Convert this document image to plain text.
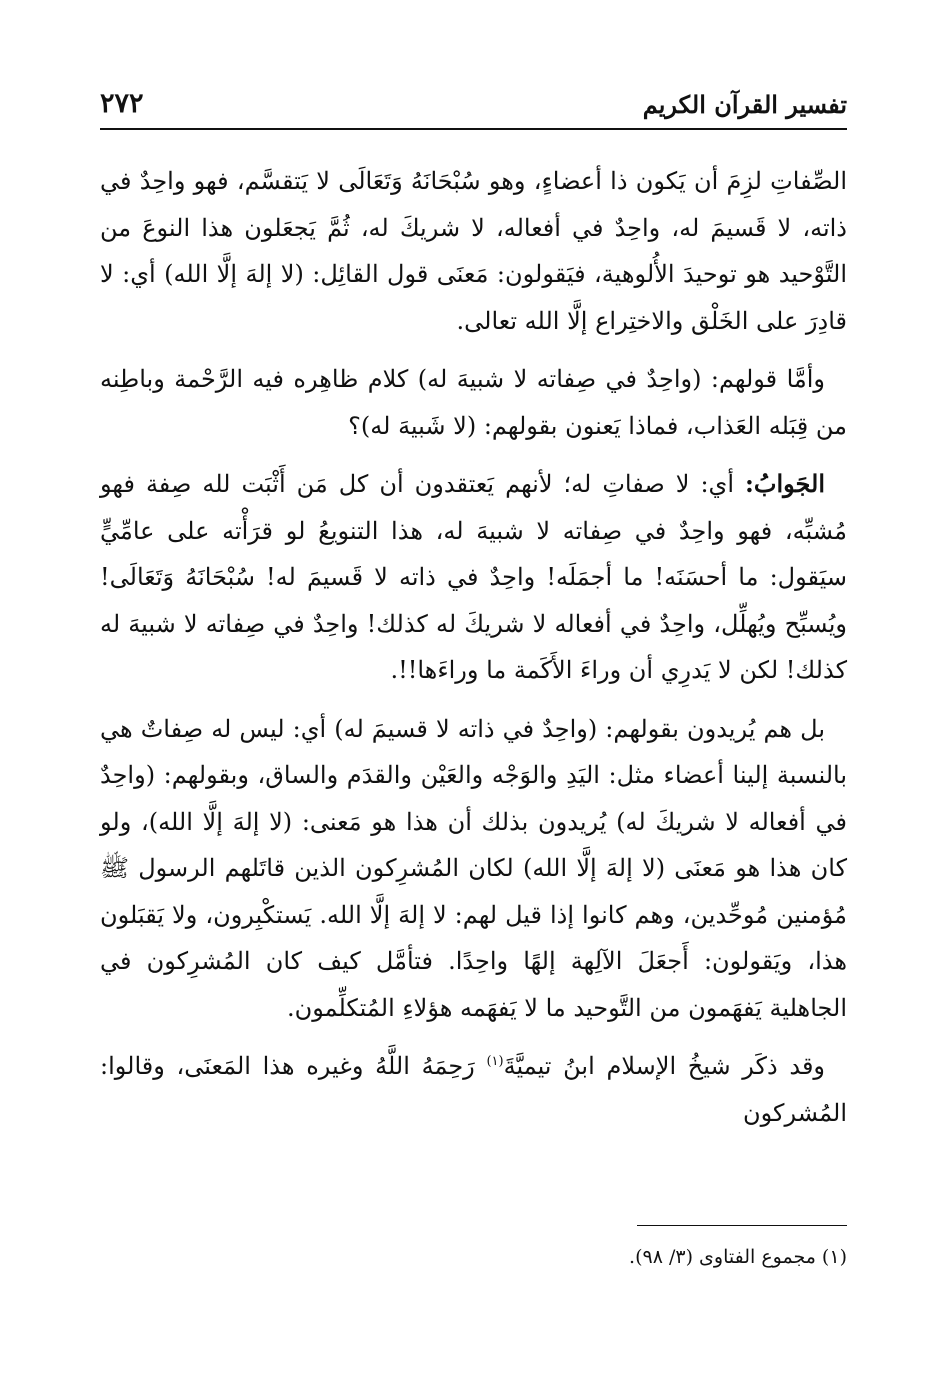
تفسير القرآن الكريم
٢٧٢

الصِّفاتِ لزِمَ أن يَكون ذا أعضاءٍ، وهو سُبْحَانَهُ وَتَعَالَى لا يَتقسَّم، فهو واحِدٌ في ذاته، لا قَسيمَ له، واحِدٌ في أفعاله، لا شريكَ له، ثُمَّ يَجعَلون هذا النوعَ من التَّوْحيد هو توحيدَ الأُلوهية، فيَقولون: مَعنَى قول القائِل: (لا إلهَ إلَّا الله) أي: لا قادِرَ على الخَلْق والاختِراع إلَّا الله تعالى.

وأمَّا قولهم: (واحِدٌ في صِفاته لا شبيهَ له) كلام ظاهِره فيه الرَّحْمة وباطِنه من قِبَله العَذاب، فماذا يَعنون بقولهم: (لا شَبيهَ له)؟

الجَوابُ: أي: لا صفاتِ له؛ لأنهم يَعتقدون أن كل مَن أَثْبَت لله صِفة فهو مُشبِّه، فهو واحِدٌ في صِفاته لا شبيهَ له، هذا التنويعُ لو قرَأْته على عامِّيٍّ سيَقول: ما أحسَنَه! ما أجمَلَه! واحِدٌ في ذاته لا قَسيمَ له! سُبْحَانَهُ وَتَعَالَى! ويُسبِّح ويُهلِّل، واحِدٌ في أفعاله لا شريكَ له كذلك! واحِدٌ في صِفاته لا شبيهَ له كذلك! لكن لا يَدرِي أن وراءَ الأَكَمة ما وراءَها!!.

بل هم يُريدون بقولهم: (واحِدٌ في ذاته لا قسيمَ له) أي: ليس له صِفاتٌ هي بالنسبة إلينا أعضاء مثل: اليَدِ والوَجْه والعَيْن والقدَم والساق، وبقولهم: (واحِدٌ في أفعاله لا شريكَ له) يُريدون بذلك أن هذا هو مَعنى: (لا إلهَ إلَّا الله)، ولو كان هذا هو مَعنَى (لا إلهَ إلَّا الله) لكان المُشرِكون الذين قاتَلهم الرسول ﷺ مُؤمنين مُوحِّدين، وهم كانوا إذا قيل لهم: لا إلهَ إلَّا الله. يَستكْبِرون، ولا يَقبَلون هذا، ويَقولون: أَجعَلَ الآلِهة إلهًا واحِدًا. فتأمَّل كيف كان المُشرِكون في الجاهلية يَفهَمون من التَّوحيد ما لا يَفهَمه هؤلاءِ المُتكلِّمون.

وقد ذكَر شيخُ الإسلام ابنُ تيميَّةَ$^{(١)}$ رَحِمَهُ اللَّهُ وغيره هذا المَعنَى، وقالوا: المُشركون

(١) مجموع الفتاوى (٣/ ٩٨).
